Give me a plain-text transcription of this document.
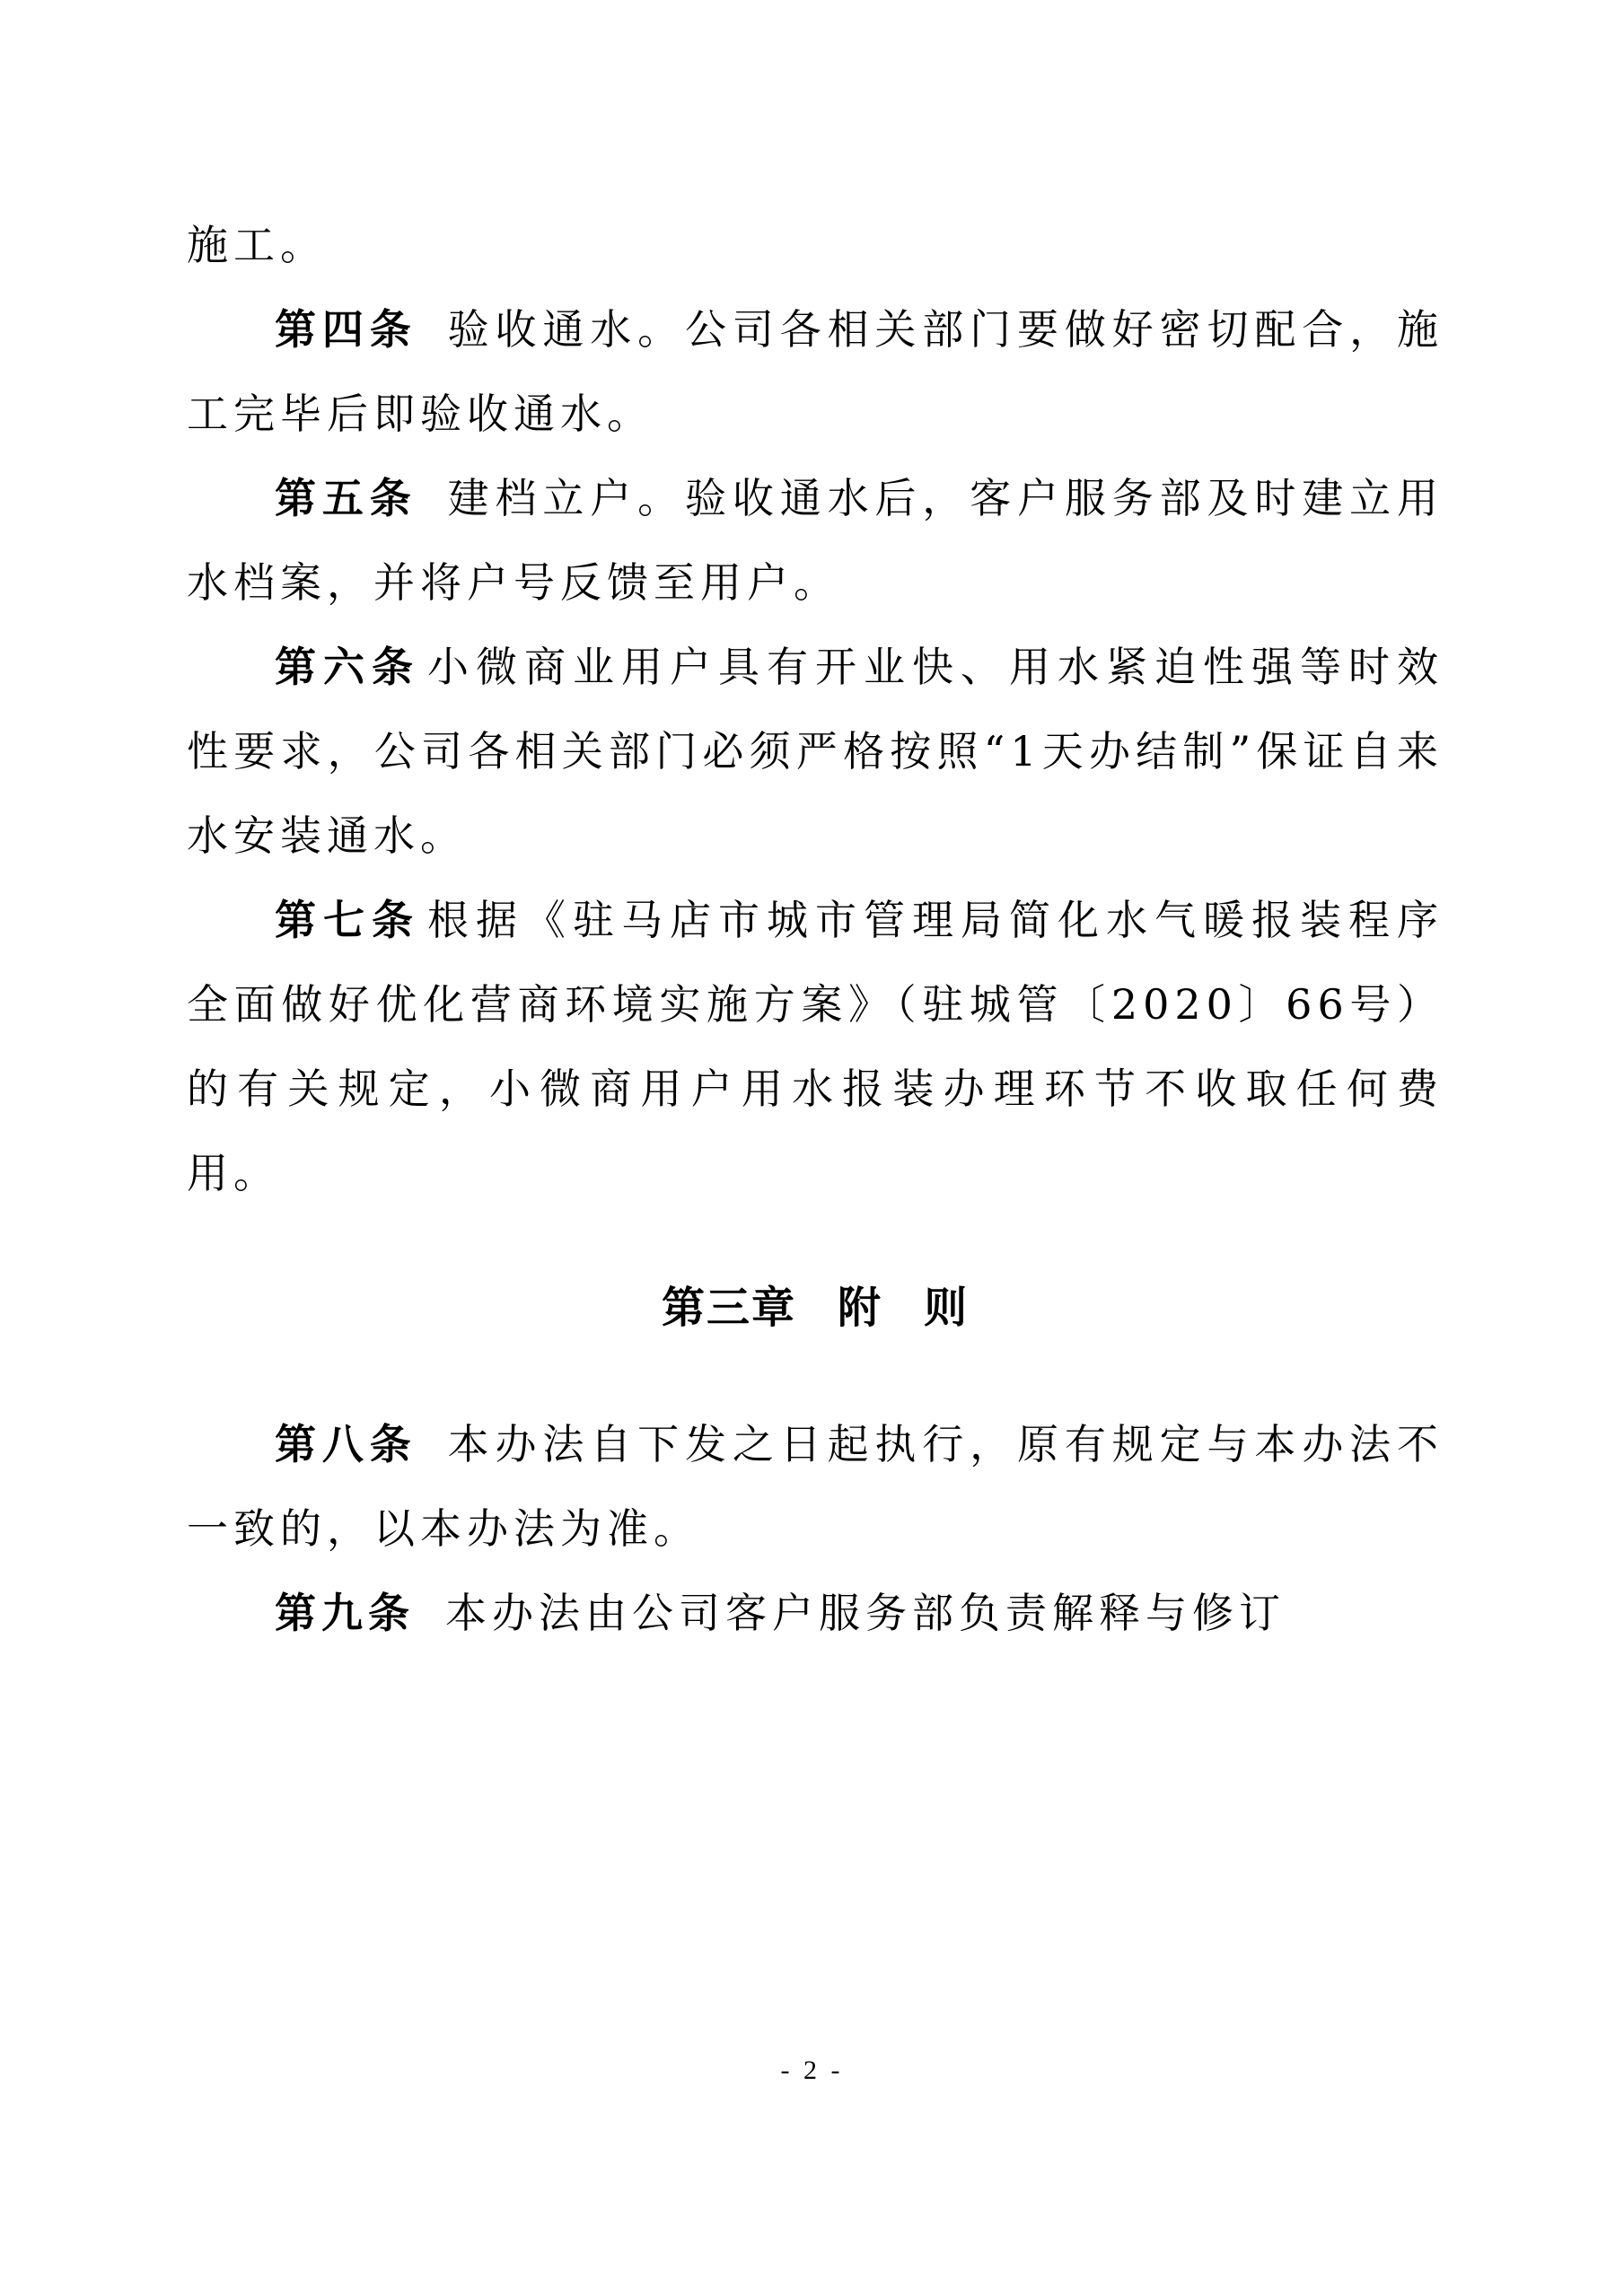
施工。

第四条 验收通水。公司各相关部门要做好密切配合，施工完毕后即验收通水。

第五条 建档立户。验收通水后，客户服务部及时建立用水档案，并将户号反馈至用户。

第六条 小微商业用户具有开业快、用水紧迫性强等时效性要求，公司各相关部门必须严格按照“1天办结制”保证自来水安装通水。

第七条 根据《驻马店市城市管理局简化水气暖报装程序全面做好优化营商环境实施方案》（驻城管〔2020〕66号）的有关规定，小微商用户用水报装办理环节不收取任何费用。

第三章 附 则

第八条 本办法自下发之日起执行，原有规定与本办法不一致的，以本办法为准。

第九条 本办法由公司客户服务部负责解释与修订

- 2 -
